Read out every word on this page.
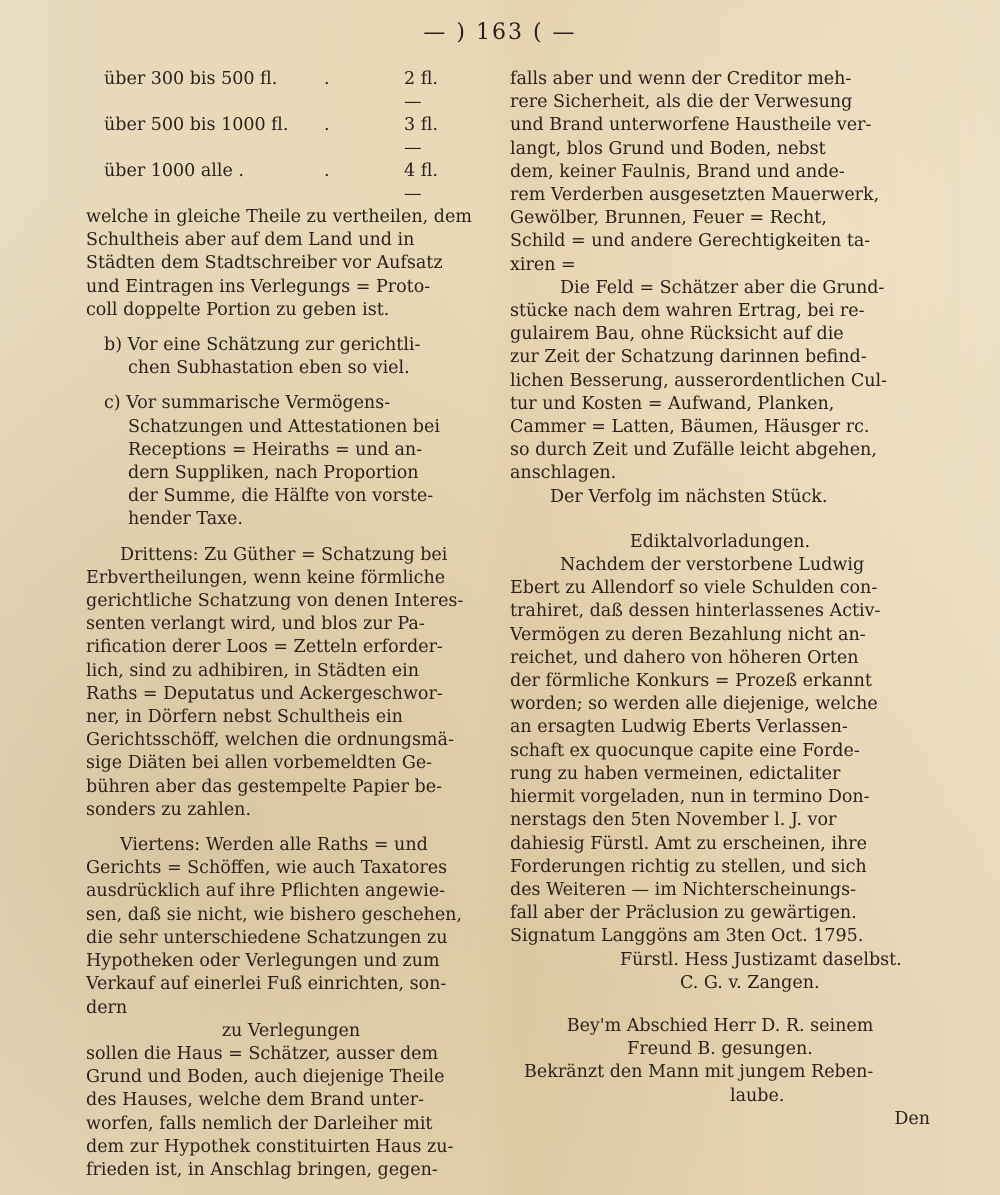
— ) 163 ( —
über 300 bis 500 fl.	.	2 fl. —
über 500 bis 1000 fl.	.	3 fl. —
über 1000 alle .	.	4 fl. —

welche in gleiche Theile zu vertheilen, dem

Schultheis aber auf dem Land und in

Städten dem Stadtschreiber vor Aufsatz

und Eintragen ins Verlegungs = Proto-

coll doppelte Portion zu geben ist.

b) Vor eine Schätzung zur gerichtli-

chen Subhastation eben so viel.

c) Vor summarische Vermögens-

Schatzungen und Attestationen bei

Receptions = Heiraths = und an-

dern Suppliken, nach Proportion

der Summe, die Hälfte von vorste-

hender Taxe.

Drittens: Zu Güther = Schatzung bei

Erbvertheilungen, wenn keine förmliche

gerichtliche Schatzung von denen Interes-

senten verlangt wird, und blos zur Pa-

rification derer Loos = Zetteln erforder-

lich, sind zu adhibiren, in Städten ein

Raths = Deputatus und Ackergeschwor-

ner, in Dörfern nebst Schultheis ein

Gerichtsschöff, welchen die ordnungsmä-

sige Diäten bei allen vorbemeldten Ge-

bühren aber das gestempelte Papier be-

sonders zu zahlen.

Viertens: Werden alle Raths = und

Gerichts = Schöffen, wie auch Taxatores

ausdrücklich auf ihre Pflichten angewie-

sen, daß sie nicht, wie bishero geschehen,

die sehr unterschiedene Schatzungen zu

Hypotheken oder Verlegungen und zum

Verkauf auf einerlei Fuß einrichten, son-

dern

zu Verlegungen

sollen die Haus = Schätzer, ausser dem

Grund und Boden, auch diejenige Theile

des Hauses, welche dem Brand unter-

worfen, falls nemlich der Darleiher mit

dem zur Hypothek constituirten Haus zu-

frieden ist, in Anschlag bringen, gegen-

falls aber und wenn der Creditor meh-

rere Sicherheit, als die der Verwesung

und Brand unterworfene Haustheile ver-

langt, blos Grund und Boden, nebst

dem, keiner Faulnis, Brand und ande-

rem Verderben ausgesetzten Mauerwerk,

Gewölber, Brunnen, Feuer = Recht,

Schild = und andere Gerechtigkeiten ta-

xiren =

Die Feld = Schätzer aber die Grund-

stücke nach dem wahren Ertrag, bei re-

gulairem Bau, ohne Rücksicht auf die

zur Zeit der Schatzung darinnen befind-

lichen Besserung, ausserordentlichen Cul-

tur und Kosten = Aufwand, Planken,

Cammer = Latten, Bäumen, Häusger rc.

so durch Zeit und Zufälle leicht abgehen,

anschlagen.

Der Verfolg im nächsten Stück.

Ediktalvorladungen.

Nachdem der verstorbene Ludwig

Ebert zu Allendorf so viele Schulden con-

trahiret, daß dessen hinterlassenes Activ-

Vermögen zu deren Bezahlung nicht an-

reichet, und dahero von höheren Orten

der förmliche Konkurs = Prozeß erkannt

worden; so werden alle diejenige, welche

an ersagten Ludwig Eberts Verlassen-

schaft ex quocunque capite eine Forde-

rung zu haben vermeinen, edictaliter

hiermit vorgeladen, nun in termino Don-

nerstags den 5ten November l. J. vor

dahiesig Fürstl. Amt zu erscheinen, ihre

Forderungen richtig zu stellen, und sich

des Weiteren — im Nichterscheinungs-

fall aber der Präclusion zu gewärtigen.

Signatum Langgöns am 3ten Oct. 1795.

Fürstl. Hess Justizamt daselbst.

C. G. v. Zangen.

Bey'm Abschied Herr D. R. seinem

Freund B. gesungen.

Bekränzt den Mann mit jungem Reben-

laube.

Den
